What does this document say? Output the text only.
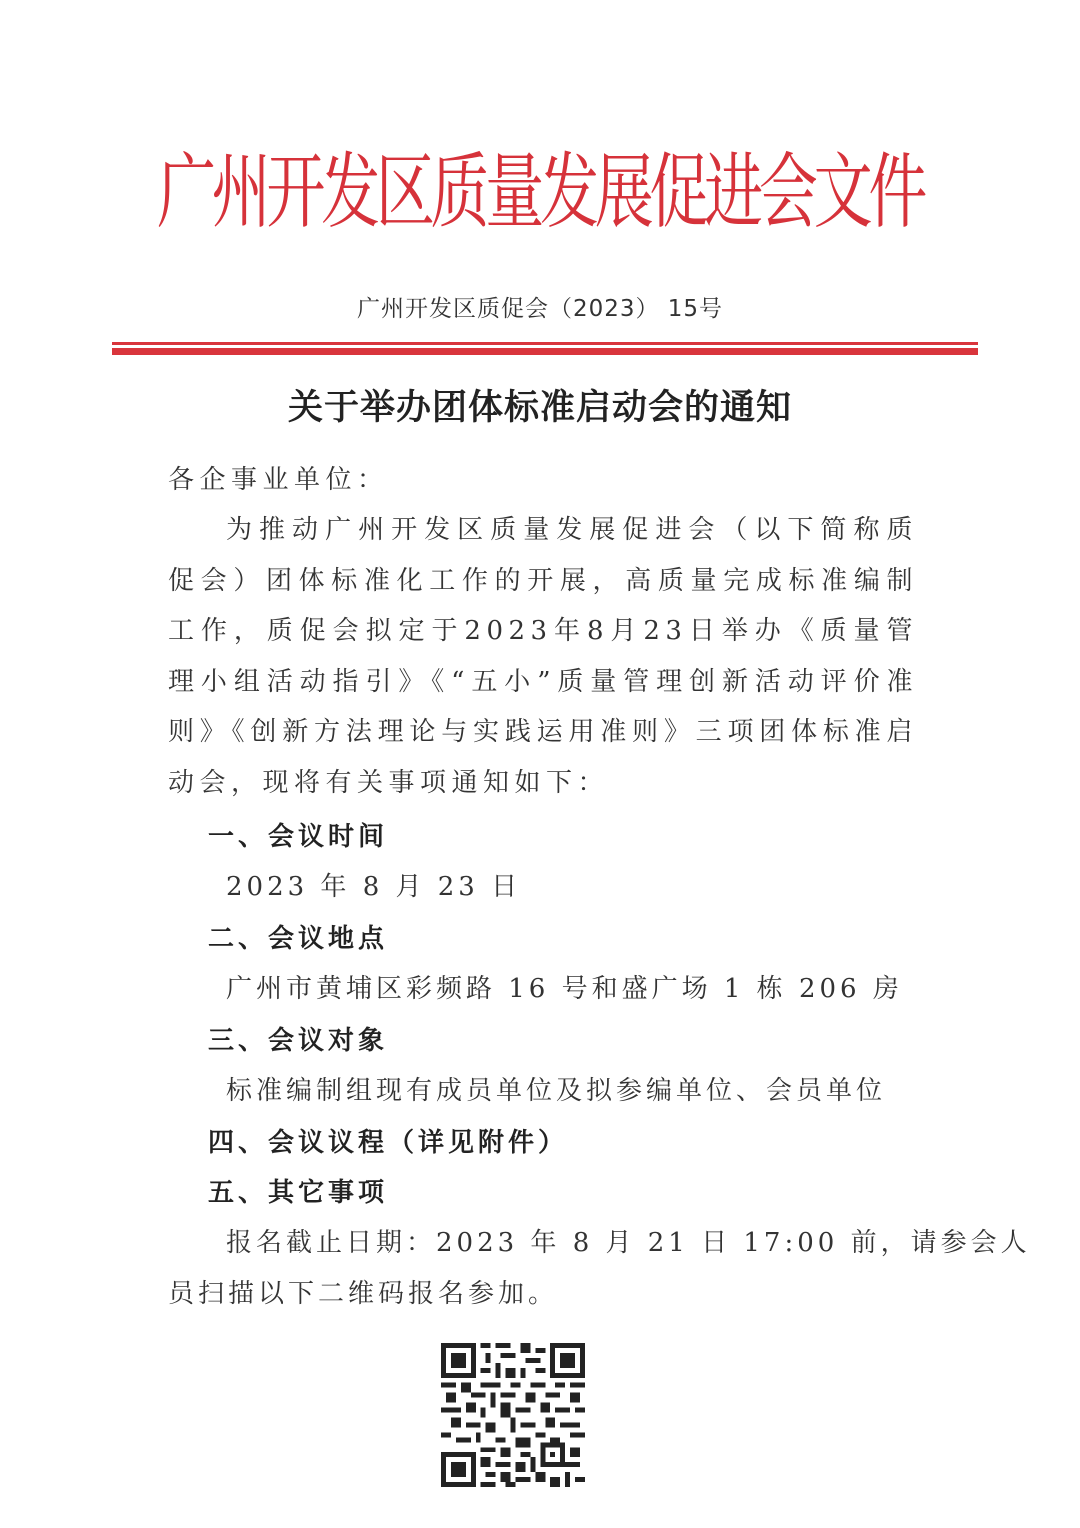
广州开发区质量发展促进会文件
广州开发区质促会（2023） 15号
关于举办团体标准启动会的通知
各企事业单位：
为推动广州开发区质量发展促进会（以下简称质促会）团体标准化工作的开展，高质量完成标准编制工作，质促会拟定于2023年8月23日举办《质量管理小组活动指引》《“五小”质量管理创新活动评价准则》《创新方法理论与实践运用准则》三项团体标准启动会，现将有关事项通知如下：
一、会议时间
2023 年 8 月 23 日
二、会议地点
广州市黄埔区彩频路 16 号和盛广场 1 栋 206 房
三、会议对象
标准编制组现有成员单位及拟参编单位、会员单位
四、会议议程（详见附件）
五、其它事项
报名截止日期：2023 年 8 月 21 日 17:00 前，请参会人
员扫描以下二维码报名参加。
